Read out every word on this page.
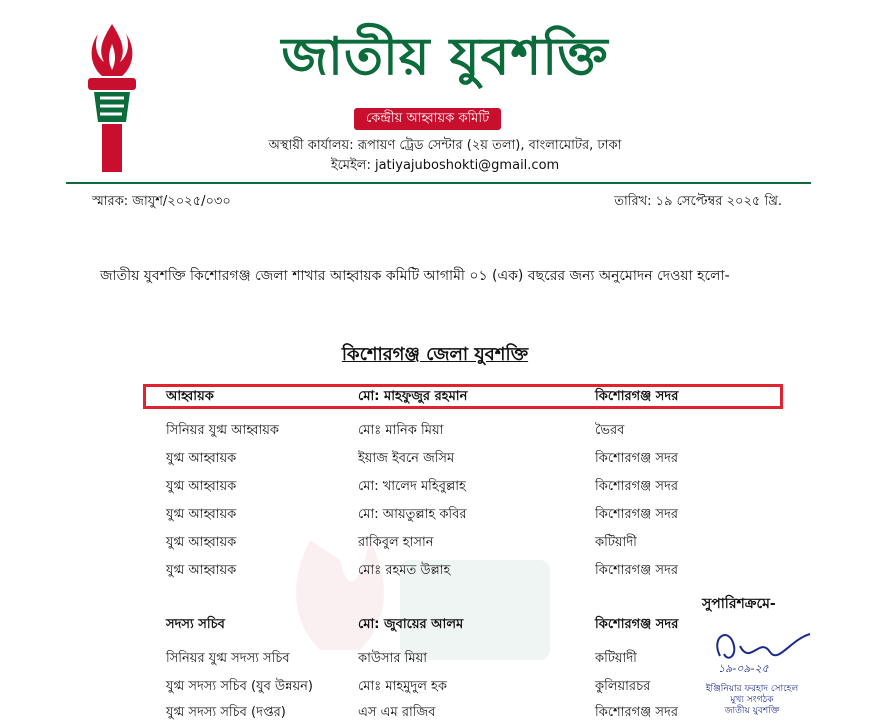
জাতীয় যুবশক্তি
কেন্দ্রীয় আহ্বায়ক কমিটি
অস্থায়ী কার্যালয়: রূপায়ণ ট্রেড সেন্টার (২য় তলা), বাংলামোটর, ঢাকা
ইমেইল: jatiyajuboshokti@gmail.com
স্মারক: জাযুশ/২০২৫/০৩০	তারিখ: ১৯ সেপ্টেম্বর ২০২৫ খ্রি.
জাতীয় যুবশক্তি কিশোরগঞ্জ জেলা শাখার আহ্বায়ক কমিটি আগামী ০১ (এক) বছরের জন্য অনুমোদন দেওয়া হলো-
কিশোরগঞ্জ জেলা যুবশক্তি
আহ্বায়ক	মো: মাহফুজুর রহমান	কিশোরগঞ্জ সদর
সিনিয়র যুগ্ম আহ্বায়ক	মোঃ মানিক মিয়া	ভৈরব
যুগ্ম আহ্বায়ক	ইয়াজ ইবনে জসিম	কিশোরগঞ্জ সদর
যুগ্ম আহ্বায়ক	মো: খালেদ মহিবুল্লাহ	কিশোরগঞ্জ সদর
যুগ্ম আহ্বায়ক	মো: আয়তুল্লাহ কবির	কিশোরগঞ্জ সদর
যুগ্ম আহ্বায়ক	রাকিবুল হাসান	কটিয়াদী
যুগ্ম আহ্বায়ক	মোঃ রহমত উল্লাহ	কিশোরগঞ্জ সদর
সদস্য সচিব	মো: জুবায়ের আলম	কিশোরগঞ্জ সদর
সিনিয়র যুগ্ম সদস্য সচিব	কাউসার মিয়া	কটিয়াদী
যুগ্ম সদস্য সচিব (যুব উন্নয়ন)	মোঃ মাহমুদুল হক	কুলিয়ারচর
যুগ্ম সদস্য সচিব (দপ্তর)	এস এম রাজিব	কিশোরগঞ্জ সদর
সুপারিশক্রমে-
১৯-০৯-২৫
ইঞ্জিনিয়ার ফরহাদ সোহেল
মুখ্য সংগঠক
জাতীয় যুবশক্তি
